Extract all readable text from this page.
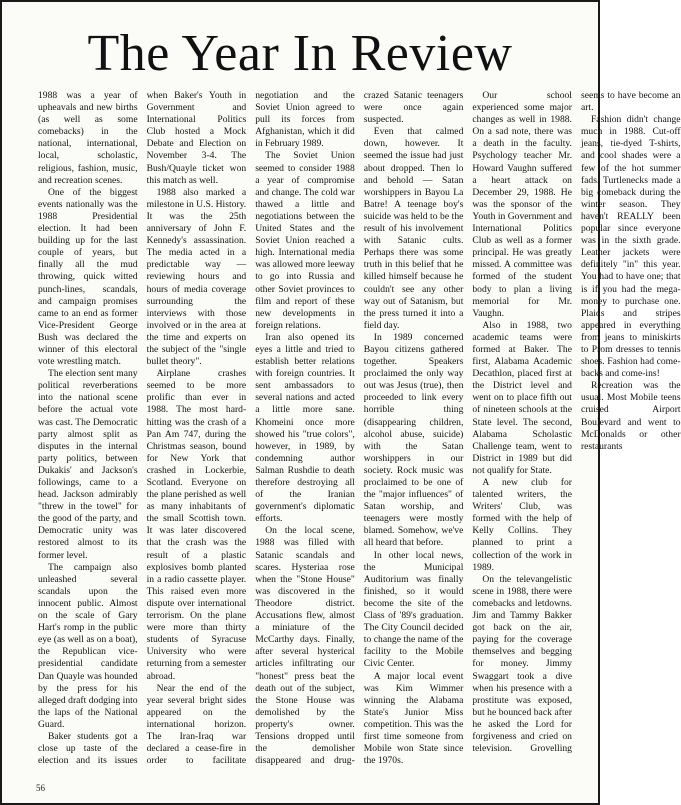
The Year In Review

1988 was a year of upheavals and new births (as well as some comebacks) in the national, international, local, scholastic, religious, fashion, music, and recreation scenes.

One of the biggest events nationally was the 1988 Presidential election. It had been building up for the last couple of years, but finally all the mud throwing, quick witted punch-lines, scandals, and campaign promises came to an end as former Vice-President George Bush was declared the winner of this electoral vote wrestling match.

The election sent many political reverberations into the national scene before the actual vote was cast. The Democratic party almost split as disputes in the internal party politics, between Dukakis' and Jackson's followings, came to a head. Jackson admirably "threw in the towel" for the good of the party, and Democratic unity was restored almost to its former level.

The campaign also unleashed several scandals upon the innocent public. Almost on the scale of Gary Hart's romp in the public eye (as well as on a boat), the Republican vice-presidential candidate Dan Quayle was hounded by the press for his alleged draft dodging into the laps of the National Guard.

Baker students got a close up taste of the election and its issues when Baker's Youth in Government and International Politics Club hosted a Mock Debate and Election on November 3-4. The Bush/Quayle ticket won this match as well.

1988 also marked a milestone in U.S. History. It was the 25th anniversary of John F. Kennedy's assassination. The media acted in a predictable way — reviewing hours and hours of media coverage surrounding the interviews with those involved or in the area at the time and experts on the subject of the "single bullet theory".

Airplane crashes seemed to be more prolific than ever in 1988. The most hard-hitting was the crash of a Pan Am 747, during the Christmas season, bound for New York that crashed in Lockerbie, Scotland. Everyone on the plane perished as well as many inhabitants of the small Scottish town. It was later discovered that the crash was the result of a plastic explosives bomb planted in a radio cassette player. This raised even more dispute over international terrorism. On the plane were more than thirty students of Syracuse University who were returning from a semester abroad.

Near the end of the year several bright sides appeared on the international horizon. The Iran-Iraq war declared a cease-fire in order to facilitate negotiation and the Soviet Union agreed to pull its forces from Afghanistan, which it did in February 1989.

The Soviet Union seemed to consider 1988 a year of compromise and change. The cold war thawed a little and negotiations between the United States and the Soviet Union reached a high. International media was allowed more leeway to go into Russia and other Soviet provinces to film and report of these new developments in foreign relations.

Iran also opened its eyes a little and tried to establish better relations with foreign countries. It sent ambassadors to several nations and acted a little more sane. Khomeini once more showed his "true colors", however, in 1989, by condemning author Salman Rushdie to death therefore destroying all of the Iranian government's diplomatic efforts.

On the local scene, 1988 was filled with Satanic scandals and scares. Hysteriaa rose when the "Stone House" was discovered in the Theodore district. Accusations flew, almost a miniature of the McCarthy days. Finally, after several hysterical articles infiltrating our "honest" press beat the death out of the subject, the Stone House was demolished by the property's owner. Tensions dropped until the demolisher disappeared and drug-crazed Satanic teenagers were once again suspected.

Even that calmed down, however. It seemed the issue had just about dropped. Then lo and behold — Satan worshippers in Bayou La Batre! A teenage boy's suicide was held to be the result of his involvement with Satanic cults. Perhaps there was some truth in this belief that he killed himself because he couldn't see any other way out of Satanism, but the press turned it into a field day.

In 1989 concerned Bayou citizens gathered together. Speakers proclaimed the only way out was Jesus (true), then proceeded to link every horrible thing (disappearing children, alcohol abuse, suicide) with the Satan worshippers in our society. Rock music was proclaimed to be one of the "major influences" of Satan worship, and teenagers were mostly blamed. Somehow, we've all heard that before.

In other local news, the Municipal Auditorium was finally finished, so it would become the site of the Class of '89's graduation. The City Council decided to change the name of the facility to the Mobile Civic Center.

A major local event was Kim Wimmer winning the Alabama State's Junior Miss competition. This was the first time someone from Mobile won State since the 1970s.

Our school experienced some major changes as well in 1988. On a sad note, there was a death in the faculty. Psychology teacher Mr. Howard Vaughn suffered a heart attack on December 29, 1988. He was the sponsor of the Youth in Government and International Politics Club as well as a former principal. He was greatly missed. A committee was formed of the student body to plan a living memorial for Mr. Vaughn.

Also in 1988, two academic teams were formed at Baker. The first, Alabama Academic Decathlon, placed first at the District level and went on to place fifth out of nineteen schools at the State level. The second, Alabama Scholastic Challenge team, went to District in 1989 but did not qualify for State.

A new club for talented writers, the Writers' Club, was formed with the help of Kelly Collins. They planned to print a collection of the work in 1989.

On the televangelistic scene in 1988, there were comebacks and letdowns. Jim and Tammy Bakker got back on the air, paying for the coverage themselves and begging for money. Jimmy Swaggart took a dive when his presence with a prostitute was exposed, but he bounced back after he asked the Lord for forgiveness and cried on television. Grovelling seems to have become an art.

Fashion didn't change much in 1988. Cut-off jeans, tie-dyed T-shirts, and cool shades were a few of the hot summer fads. Turtlenecks made a big comeback during the winter season. They haven't REALLY been popular since everyone was in the sixth grade. Leather jackets were definitely "in" this year. You had to have one; that is if you had the mega-money to purchase one. Plaids and stripes appeared in everything from jeans to miniskirts to Prom dresses to tennis shoes. Fashion had come-backs and come-ins!

Recreation was the usual. Most Mobile teens cruised Airport Boulevard and went to McDonalds or other restaurants

56
